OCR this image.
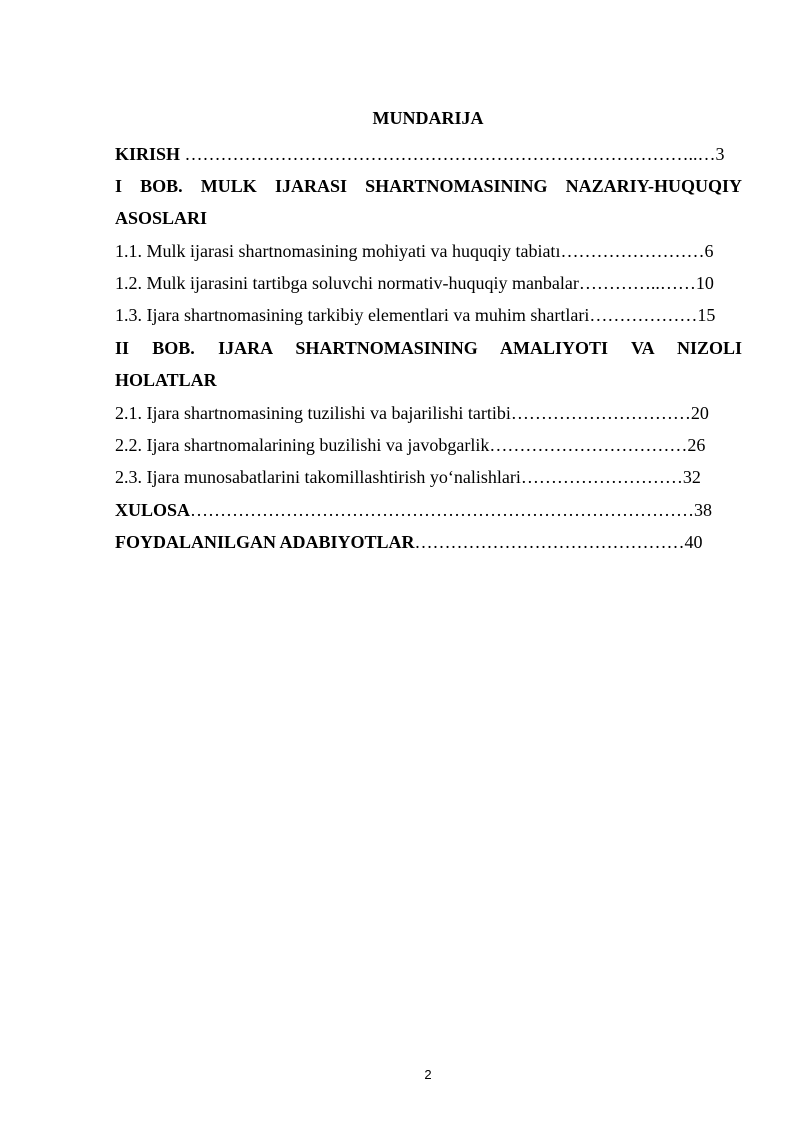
MUNDARIJA
KIRISH …………………………………………………………………………..…3
I BOB. MULK IJARASI SHARTNOMASINING NAZARIY-HUQUQIY
ASOSLARI
1.1. Mulk ijarasi shartnomasining mohiyati va huquqiy tabiatı……………………6
1.2. Mulk ijarasini tartibga soluvchi normativ-huquqiy manbalar…………..……10
1.3. Ijara shartnomasining tarkibiy elementlari va muhim shartlari………………15
II BOB. IJARA SHARTNOMASINING AMALIYOTI VA NIZOLI
HOLATLAR
2.1. Ijara shartnomasining tuzilishi va bajarilishi tartibi…………………………20
2.2. Ijara shartnomalarining buzilishi va javobgarlik……………………………26
2.3. Ijara munosabatlarini takomillashtirish yo‘nalishlari………………………32
XULOSA…………………………………………………………………………38
FOYDALANILGAN ADABIYOTLAR………………………………………40
2
